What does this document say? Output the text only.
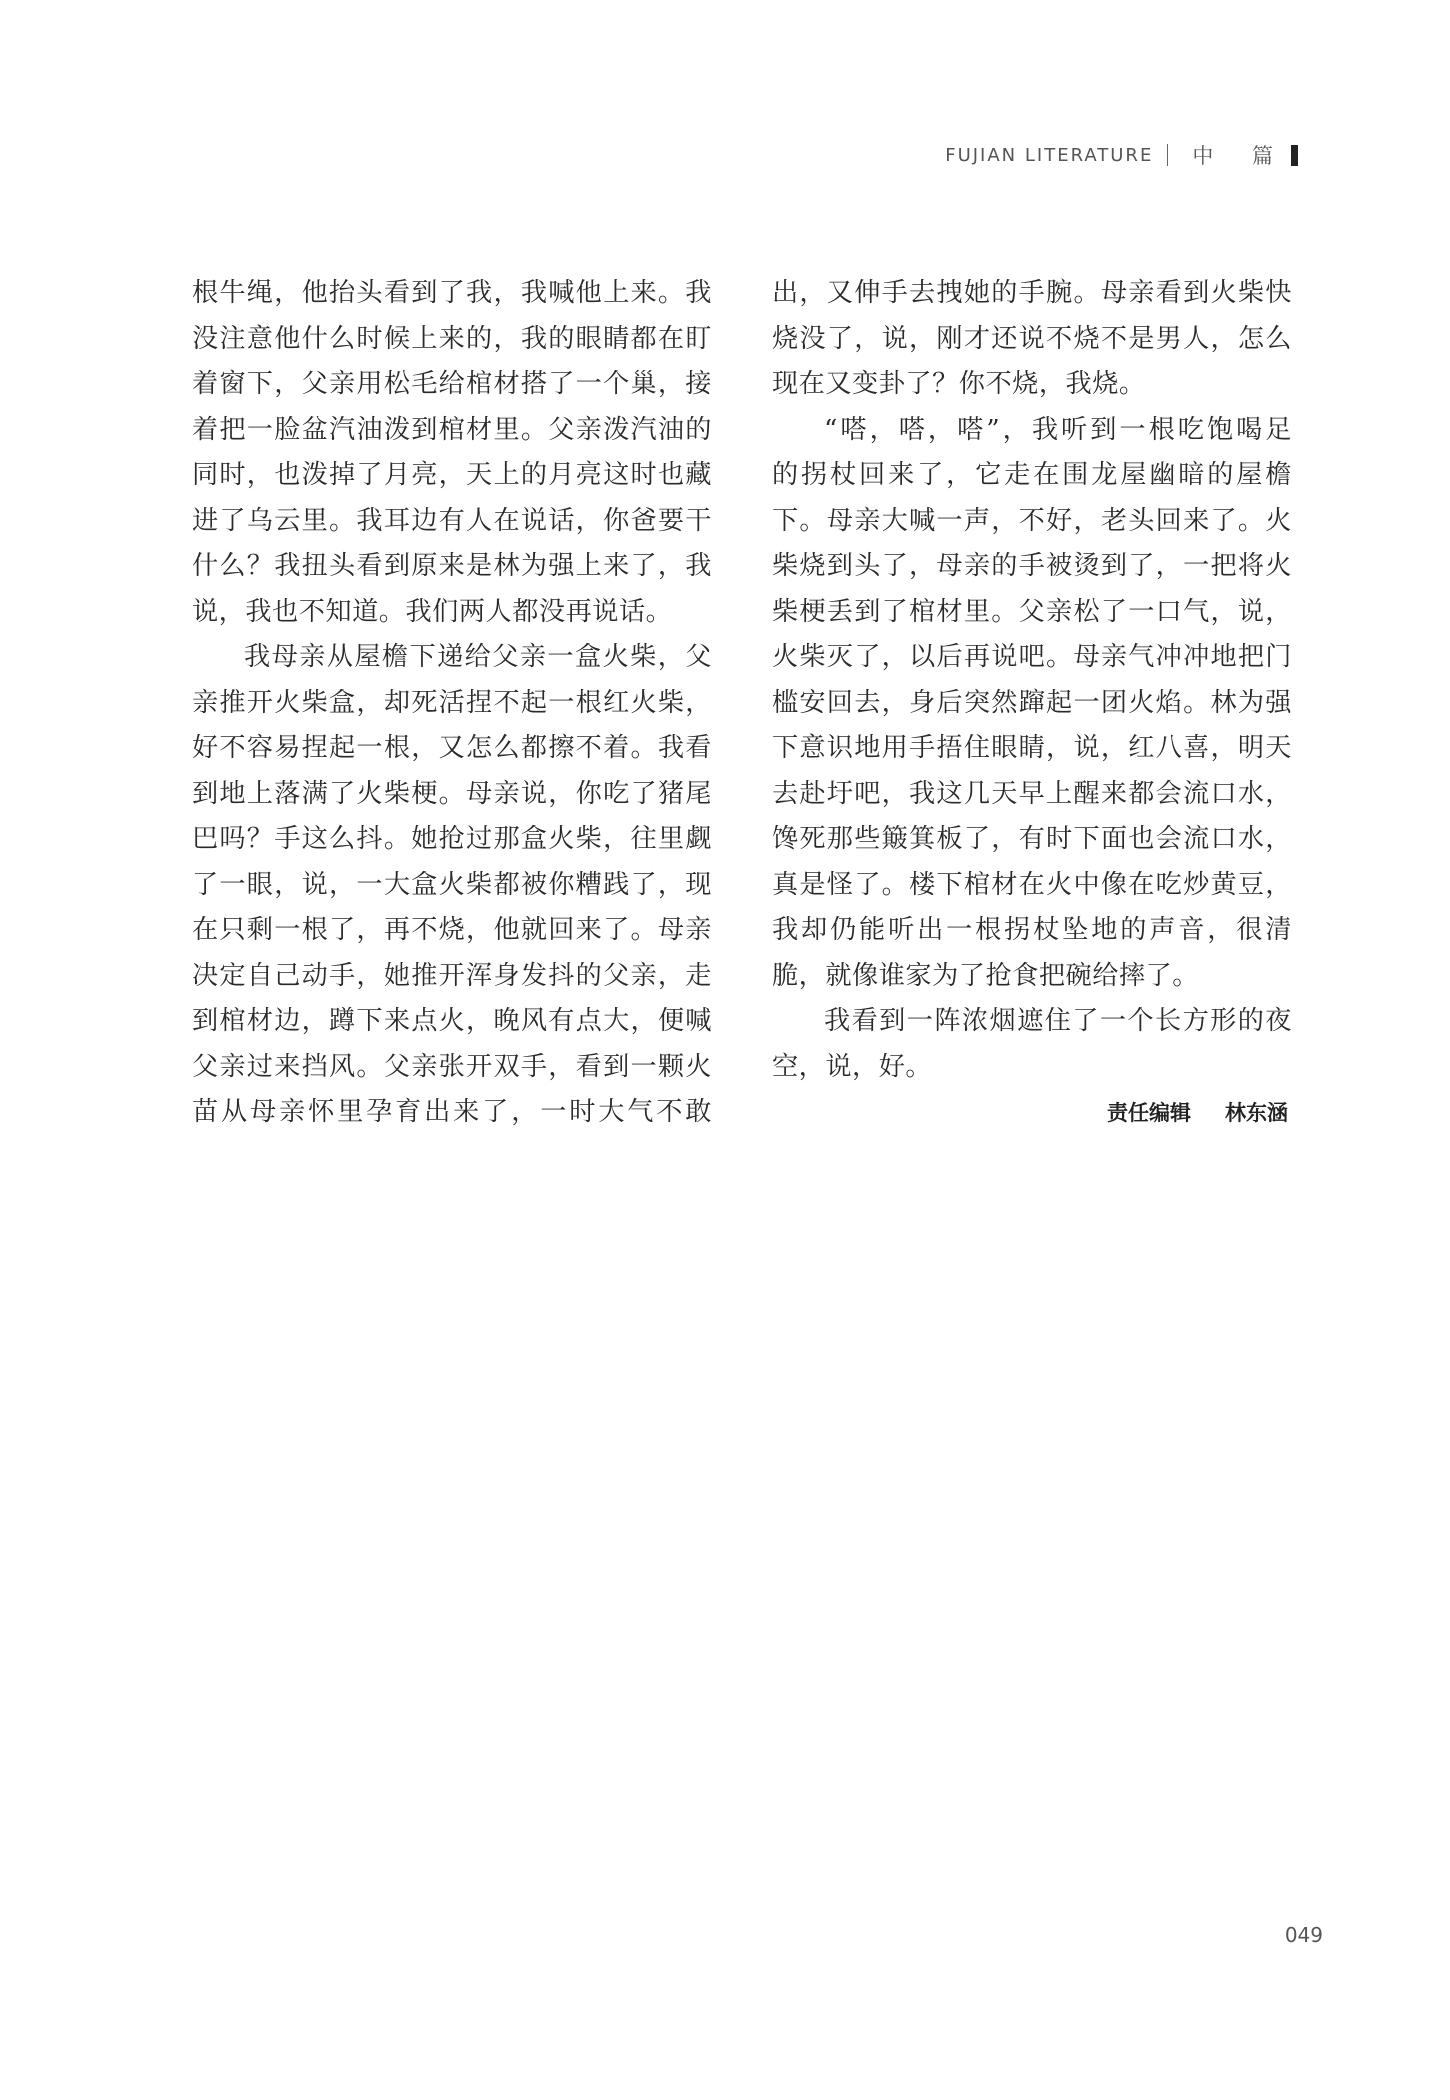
FUJIAN LITERATURE 中 篇
根牛绳，他抬头看到了我，我喊他上来。我
没注意他什么时候上来的，我的眼睛都在盯
着窗下，父亲用松毛给棺材搭了一个巢，接
着把一脸盆汽油泼到棺材里。父亲泼汽油的
同时，也泼掉了月亮，天上的月亮这时也藏
进了乌云里。我耳边有人在说话，你爸要干
什么？我扭头看到原来是林为强上来了，我
说，我也不知道。我们两人都没再说话。
我母亲从屋檐下递给父亲一盒火柴，父
亲推开火柴盒，却死活捏不起一根红火柴，
好不容易捏起一根，又怎么都擦不着。我看
到地上落满了火柴梗。母亲说，你吃了猪尾
巴吗？手这么抖。她抢过那盒火柴，往里觑
了一眼，说，一大盒火柴都被你糟践了，现
在只剩一根了，再不烧，他就回来了。母亲
决定自己动手，她推开浑身发抖的父亲，走
到棺材边，蹲下来点火，晚风有点大，便喊
父亲过来挡风。父亲张开双手，看到一颗火
苗从母亲怀里孕育出来了，一时大气不敢
出，又伸手去拽她的手腕。母亲看到火柴快
烧没了，说，刚才还说不烧不是男人，怎么
现在又变卦了？你不烧，我烧。
“嗒，嗒，嗒”，我听到一根吃饱喝足
的拐杖回来了，它走在围龙屋幽暗的屋檐
下。母亲大喊一声，不好，老头回来了。火
柴烧到头了，母亲的手被烫到了，一把将火
柴梗丢到了棺材里。父亲松了一口气，说，
火柴灭了，以后再说吧。母亲气冲冲地把门
槛安回去，身后突然蹿起一团火焰。林为强
下意识地用手捂住眼睛，说，红八喜，明天
去赴圩吧，我这几天早上醒来都会流口水，
馋死那些簸箕板了，有时下面也会流口水，
真是怪了。楼下棺材在火中像在吃炒黄豆，
我却仍能听出一根拐杖坠地的声音，很清
脆，就像谁家为了抢食把碗给摔了。
我看到一阵浓烟遮住了一个长方形的夜
空，说，好。
责任编辑 林东涵
049
